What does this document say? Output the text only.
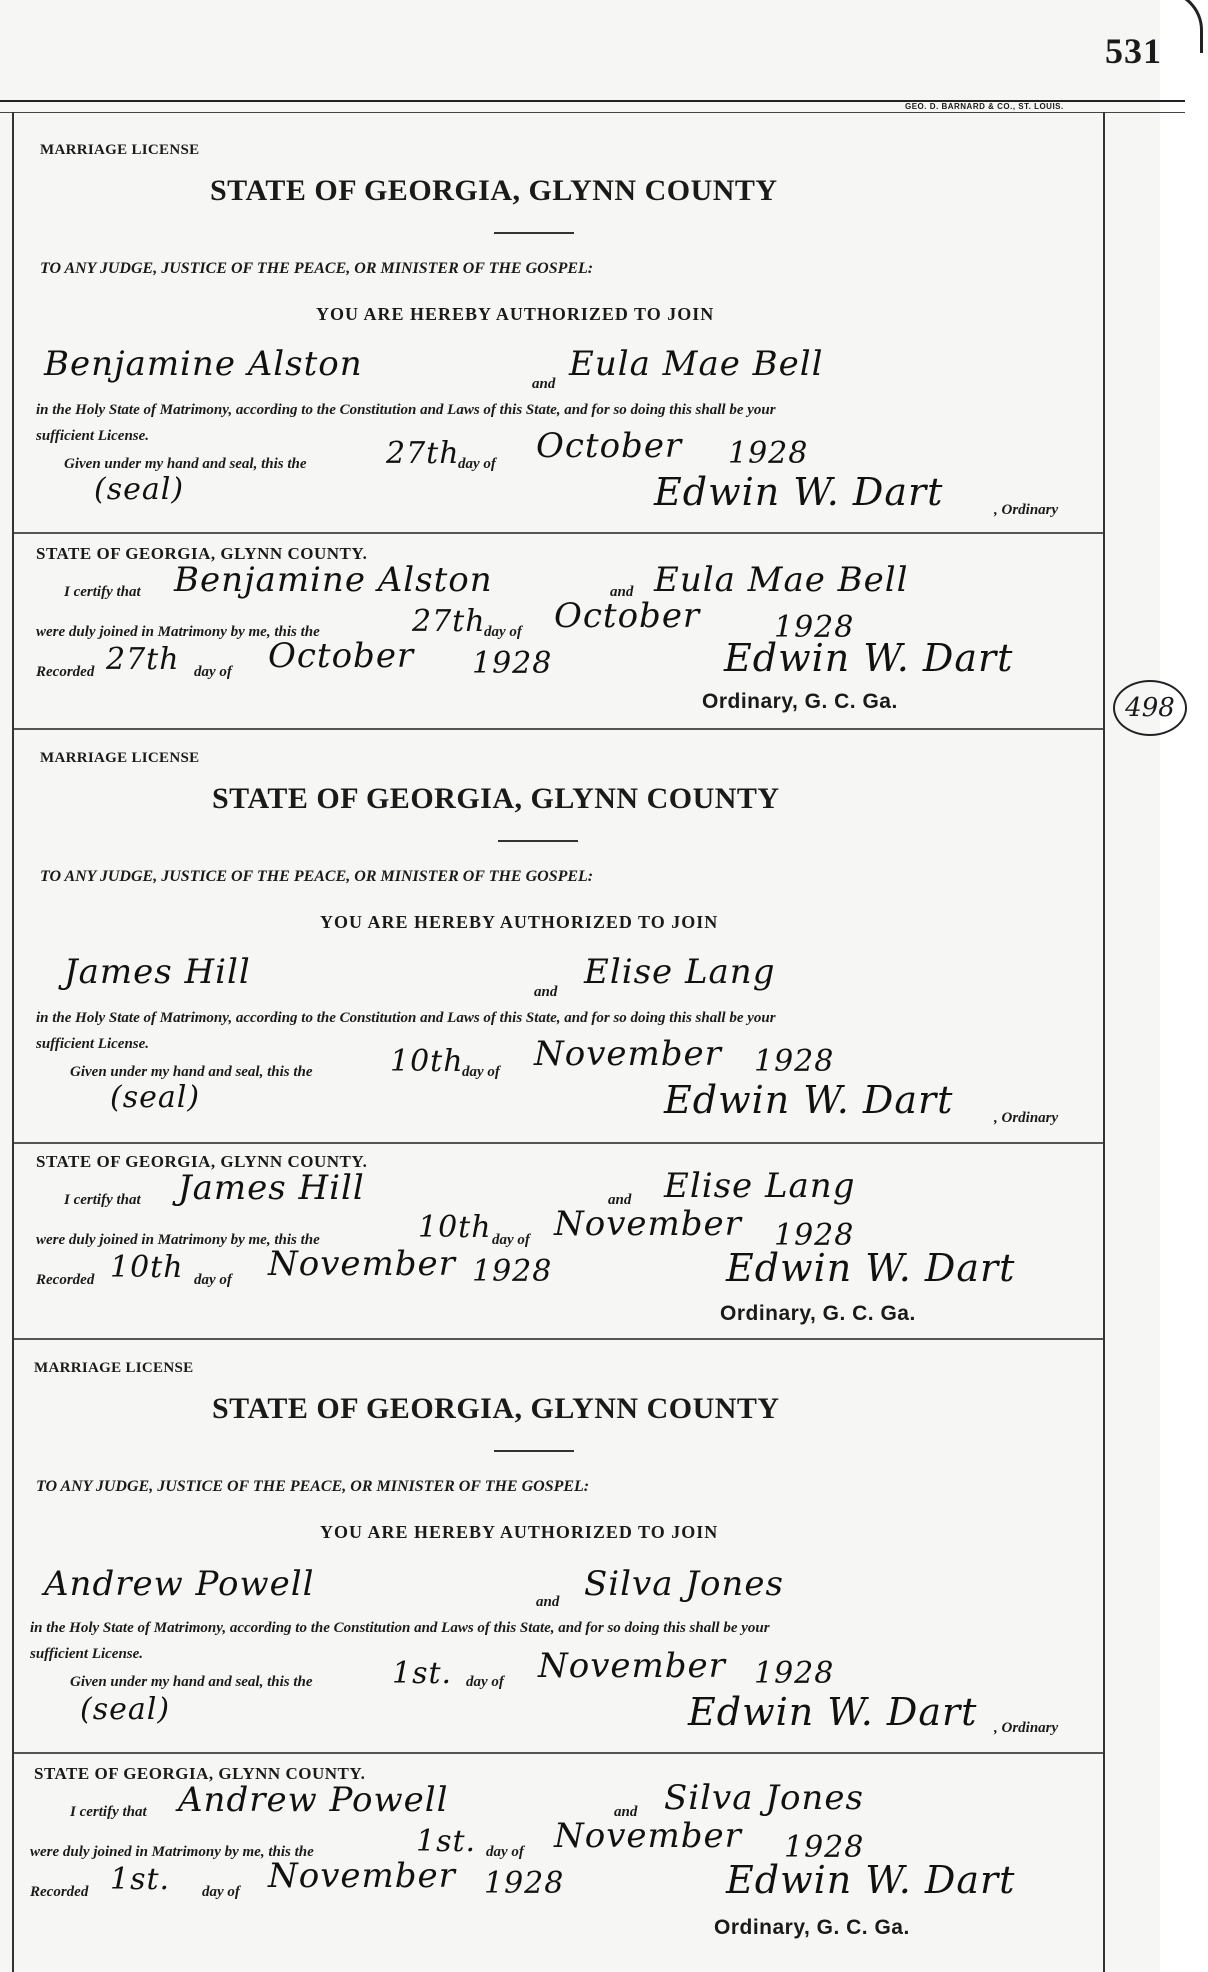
531
GEO. D. BARNARD & CO., ST. LOUIS.
498
MARRIAGE LICENSE
STATE OF GEORGIA, GLYNN COUNTY
TO ANY JUDGE, JUSTICE OF THE PEACE, OR MINISTER OF THE GOSPEL:
YOU ARE HEREBY AUTHORIZED TO JOIN
Benjamine Alston	and Eula Mae Bell
in the Holy State of Matrimony, according to the Constitution and Laws of this State, and for so doing this shall be your
sufficient License.
Given under my hand and seal, this the	27th
day of October 1928
(seal)	Edwin W. Dart	, Ordinary
STATE OF GEORGIA, GLYNN COUNTY.
I certify that Benjamine Alston	and Eula Mae Bell
were duly joined in Matrimony by me, this the	27th
day of October 1928
Recorded 27th day of October 1928	Edwin W. Dart
Ordinary, G. C. Ga.
MARRIAGE LICENSE
STATE OF GEORGIA, GLYNN COUNTY
TO ANY JUDGE, JUSTICE OF THE PEACE, OR MINISTER OF THE GOSPEL:
YOU ARE HEREBY AUTHORIZED TO JOIN
James Hill	and Elise Lang
in the Holy State of Matrimony, according to the Constitution and Laws of this State, and for so doing this shall be your
sufficient License.
Given under my hand and seal, this the	10th
day of November 1928
(seal)	Edwin W. Dart	, Ordinary
STATE OF GEORGIA, GLYNN COUNTY.
I certify that James Hill	and Elise Lang
were duly joined in Matrimony by me, this the	10th day of November 1928
Recorded 10th day of November 1928	Edwin W. Dart
Ordinary, G. C. Ga.
MARRIAGE LICENSE
STATE OF GEORGIA, GLYNN COUNTY
TO ANY JUDGE, JUSTICE OF THE PEACE, OR MINISTER OF THE GOSPEL:
YOU ARE HEREBY AUTHORIZED TO JOIN
Andrew Powell	and Silva Jones
in the Holy State of Matrimony, according to the Constitution and Laws of this State, and for so doing this shall be your
sufficient License.
Given under my hand and seal, this the	1st. day of November 1928
(seal)	Edwin W. Dart , Ordinary
STATE OF GEORGIA, GLYNN COUNTY.
I certify that Andrew Powell	and Silva Jones
were duly joined in Matrimony by me, this the	1st. day of November 1928
Recorded 1st. day of November 1928	Edwin W. Dart
Ordinary, G. C. Ga.
